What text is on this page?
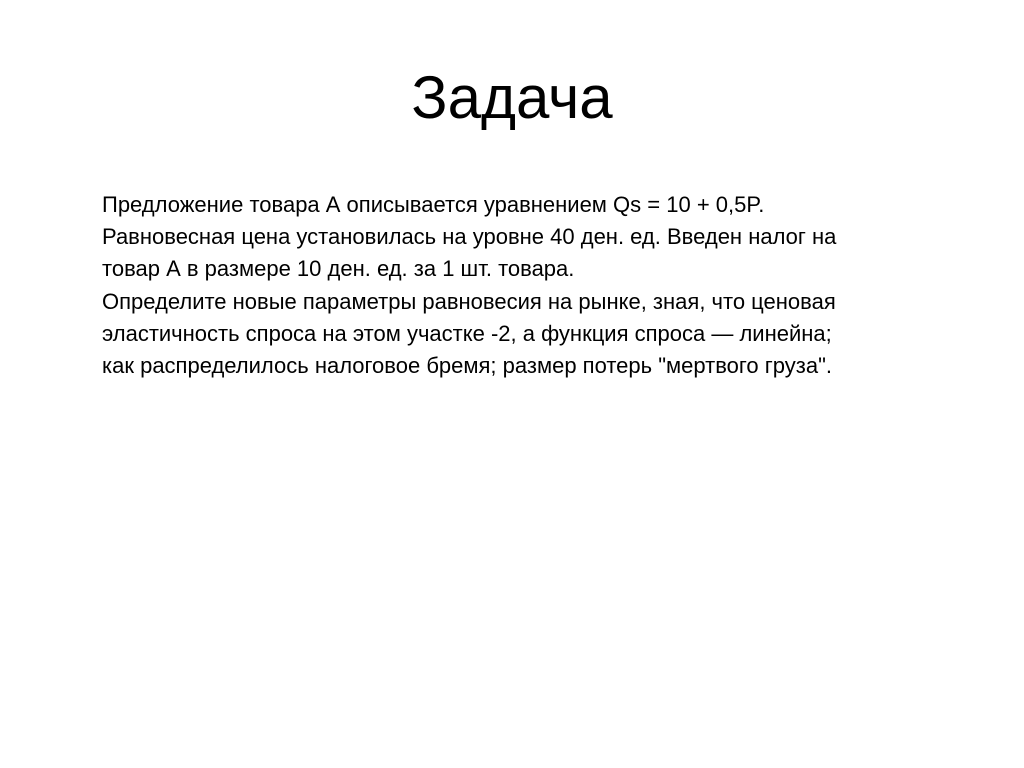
Задача
Предложение товара А описывается уравнением Qs = 10 + 0,5P.
Равновесная цена установилась на уровне 40 ден. ед. Введен налог на
товар А в размере 10 ден. ед. за 1 шт. товара.
Определите новые параметры равновесия на рынке, зная, что ценовая
эластичность спроса на этом участке -2, а функция спроса — линейна;
как распределилось налоговое бремя; размер потерь "мертвого груза".
